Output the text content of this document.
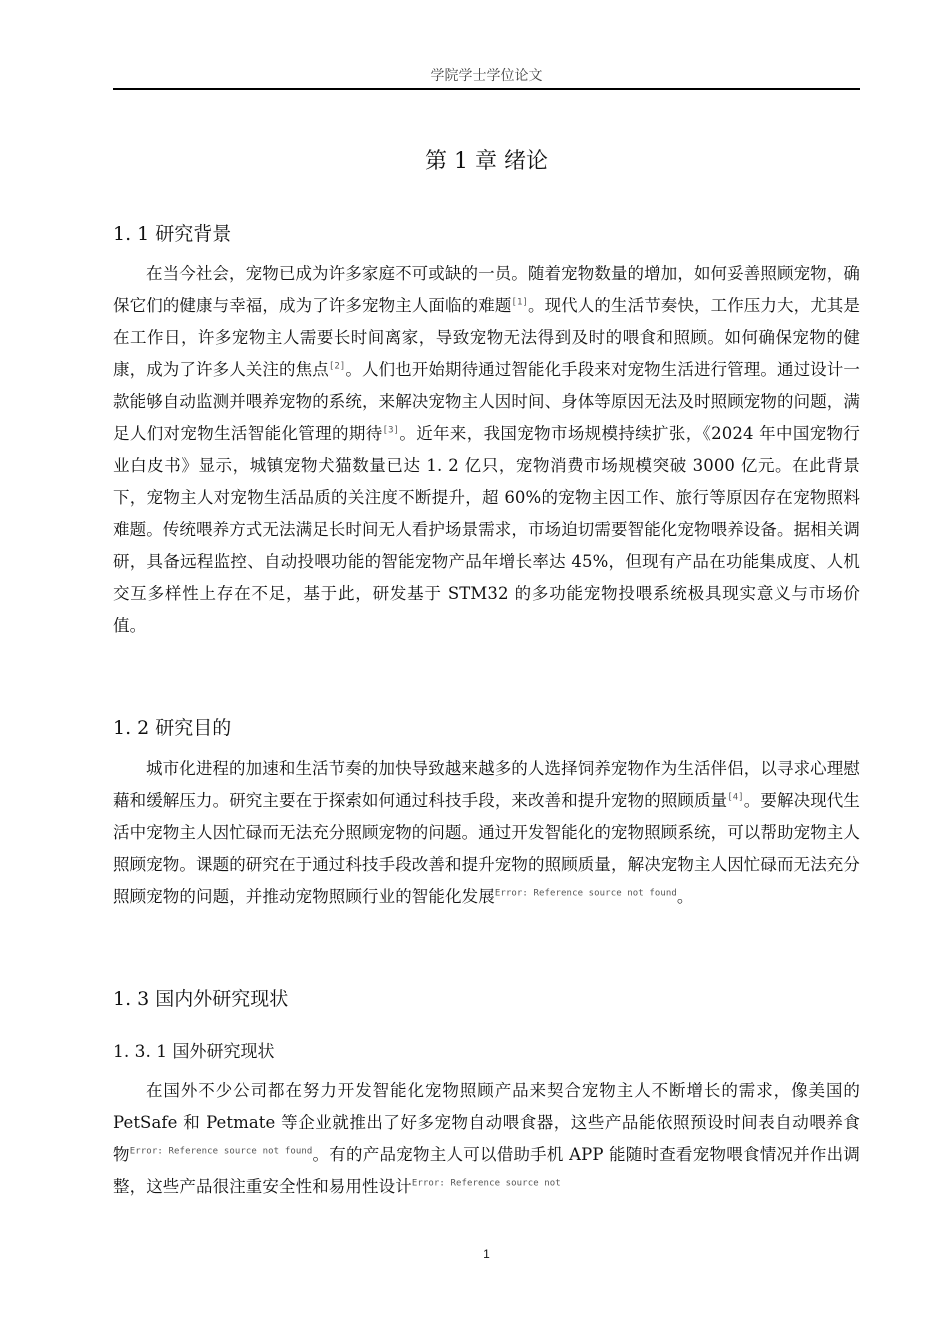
学院学士学位论文
第 1 章 绪论
1. 1 研究背景

在当今社会，宠物已成为许多家庭不可或缺的一员。随着宠物数量的增加，如何妥善照顾宠物，确保它们的健康与幸福，成为了许多宠物主人面临的难题[1]。现代人的生活节奏快，工作压力大，尤其是在工作日，许多宠物主人需要长时间离家，导致宠物无法得到及时的喂食和照顾。如何确保宠物的健康，成为了许多人关注的焦点[2]。人们也开始期待通过智能化手段来对宠物生活进行管理。通过设计一款能够自动监测并喂养宠物的系统，来解决宠物主人因时间、身体等原因无法及时照顾宠物的问题，满足人们对宠物生活智能化管理的期待[3]。近年来，我国宠物市场规模持续扩张，《2024 年中国宠物行业白皮书》显示，城镇宠物犬猫数量已达 1. 2 亿只，宠物消费市场规模突破 3000 亿元。在此背景下，宠物主人对宠物生活品质的关注度不断提升，超 60%的宠物主因工作、旅行等原因存在宠物照料难题。传统喂养方式无法满足长时间无人看护场景需求，市场迫切需要智能化宠物喂养设备。据相关调研，具备远程监控、自动投喂功能的智能宠物产品年增长率达 45%，但现有产品在功能集成度、人机交互多样性上存在不足，基于此，研发基于 STM32 的多功能宠物投喂系统极具现实意义与市场价值。

1. 2 研究目的

城市化进程的加速和生活节奏的加快导致越来越多的人选择饲养宠物作为生活伴侣，以寻求心理慰藉和缓解压力。研究主要在于探索如何通过科技手段，来改善和提升宠物的照顾质量[4]。要解决现代生活中宠物主人因忙碌而无法充分照顾宠物的问题。通过开发智能化的宠物照顾系统，可以帮助宠物主人照顾宠物。课题的研究在于通过科技手段改善和提升宠物的照顾质量，解决宠物主人因忙碌而无法充分照顾宠物的问题，并推动宠物照顾行业的智能化发展$^{Error: Reference source not found}$。

1. 3 国内外研究现状
1. 3. 1 国外研究现状

在国外不少公司都在努力开发智能化宠物照顾产品来契合宠物主人不断增长的需求，像美国的 PetSafe 和 Petmate 等企业就推出了好多宠物自动喂食器，这些产品能依照预设时间表自动喂养食物$^{Error: Reference source not found}$。有的产品宠物主人可以借助手机 APP 能随时查看宠物喂食情况并作出调整，这些产品很注重安全性和易用性设计$^{Error: Reference source not}$

1
